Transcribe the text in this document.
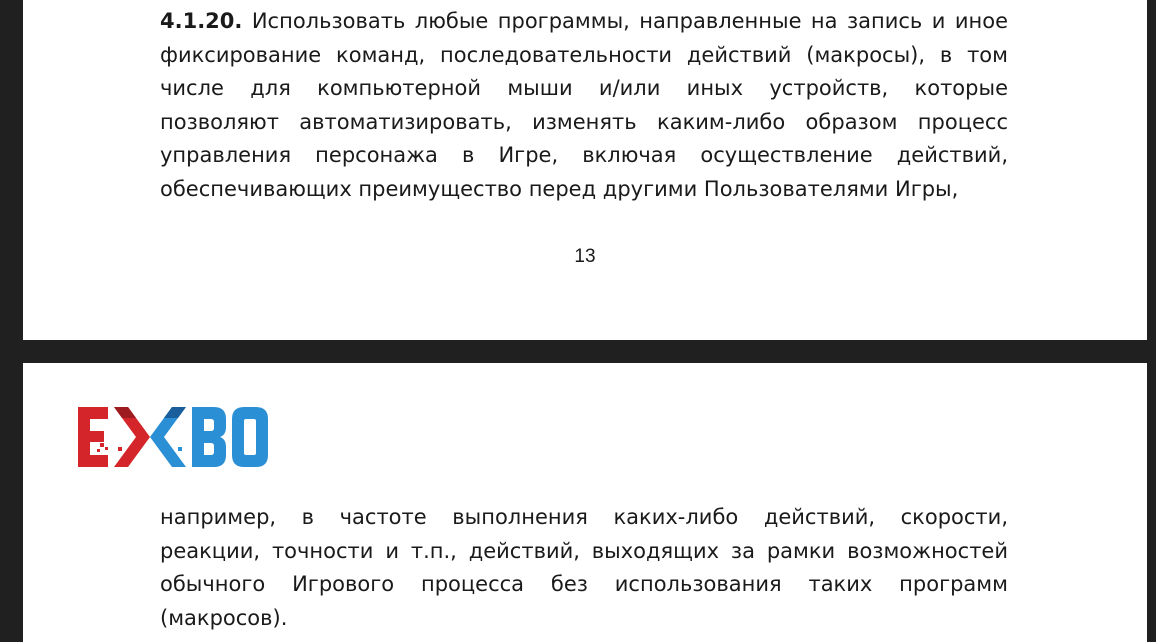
4.1.20. Использовать любые программы, направленные на запись и иное
фиксирование команд, последовательности действий (макросы), в том
числе для компьютерной мыши и/или иных устройств, которые
позволяют автоматизировать, изменять каким-либо образом процесс
управления персонажа в Игре, включая осуществление действий,
обеспечивающих преимущество перед другими Пользователями Игры,

13

например, в частоте выполнения каких-либо действий, скорости,
реакции, точности и т.п., действий, выходящих за рамки возможностей
обычного Игрового процесса без использования таких программ
(макросов).
